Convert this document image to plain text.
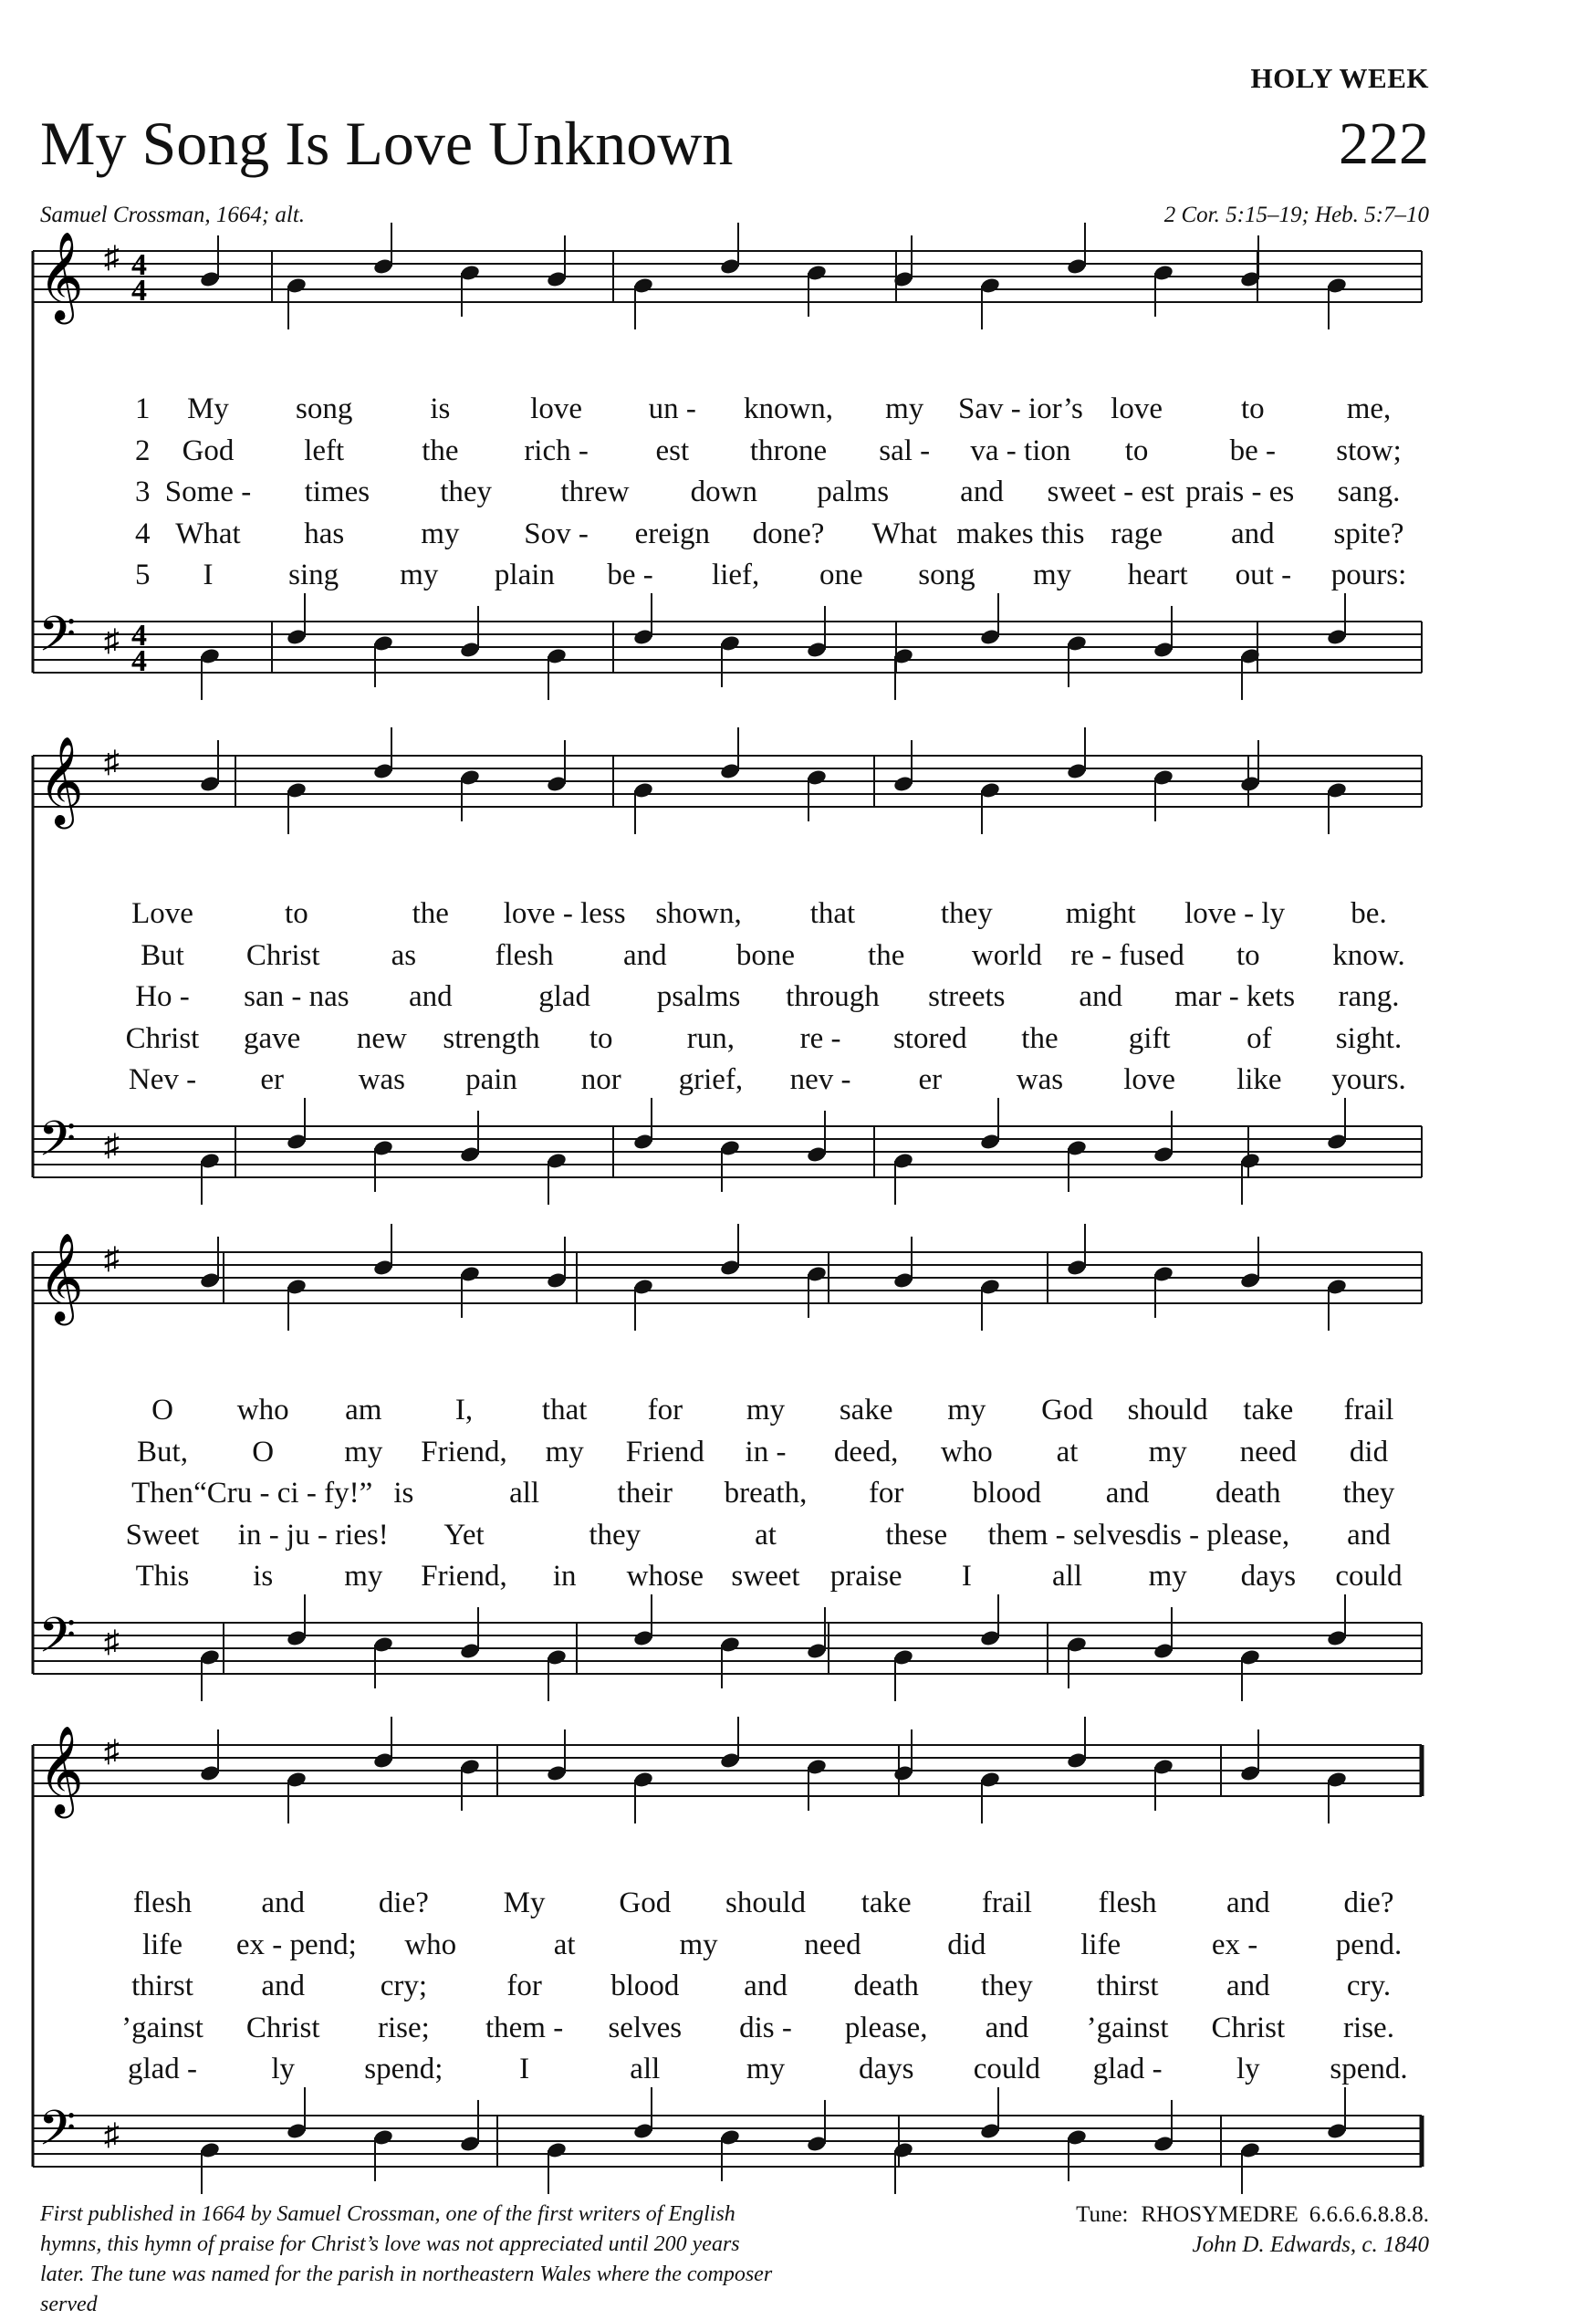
HOLY WEEK
My Song Is Love Unknown	222
Samuel Crossman, 1664; alt.	2 Cor. 5:15–19; Heb. 5:7–10
𝄞
𝄢
♯
♯
4
4
4
4
𝄞
𝄢
♯
♯
𝄞
𝄢
♯
♯
𝄞
𝄢
♯
♯
First published in 1664 by Samuel Crossman, one of the first writers of English hymns, this hymn of praise for Christ’s love was not appreciated until 200 years later. The tune was named for the parish in northeastern Wales where the composer served
Tune: RHOSYMEDRE 6.6.6.6.8.8.8.
John D. Edwards, c. 1840
1 My song	is	love un - known, my Sav - ior’s love	to	me,
2 God left	the rich - est throne sal - va - tion to	be - stow;
3 Some - times they threw down palms and sweet - est prais - es sang.
4 What has	my Sov - ereign done? What makes this rage and spite?
5 I	sing my plain be - lief, one song my heart out - pours:
Love	to	the love - less shown, that	they might love - ly be.
But Christ as	flesh and bone the world re - fused to know.
Ho - san - nas and	glad psalms through streets and mar - kets rang.
Christ gave new strength to run, re - stored the gift	of sight.
Nev - er was pain nor grief, nev - er was love like yours.
O who am I, that for my sake my God should take frail
But, O my Friend, my Friend in - deed, who at my need did
Then “Cru - ci - fy!” is	all	their breath, for blood and death they
Sweet in - ju - ries! Yet	they	at	these them - selves dis - please, and
This is my Friend, in whose sweet praise I	all my days could
flesh and die? My God should take frail flesh and die?
life ex - pend; who	at	my	need	did	life	ex -	pend.
thirst and	cry;	for blood and death they thirst and	cry.
’gainst Christ rise; them - selves dis - please, and ’gainst Christ rise.
glad - ly spend;	I	all	my days could glad - ly spend.
